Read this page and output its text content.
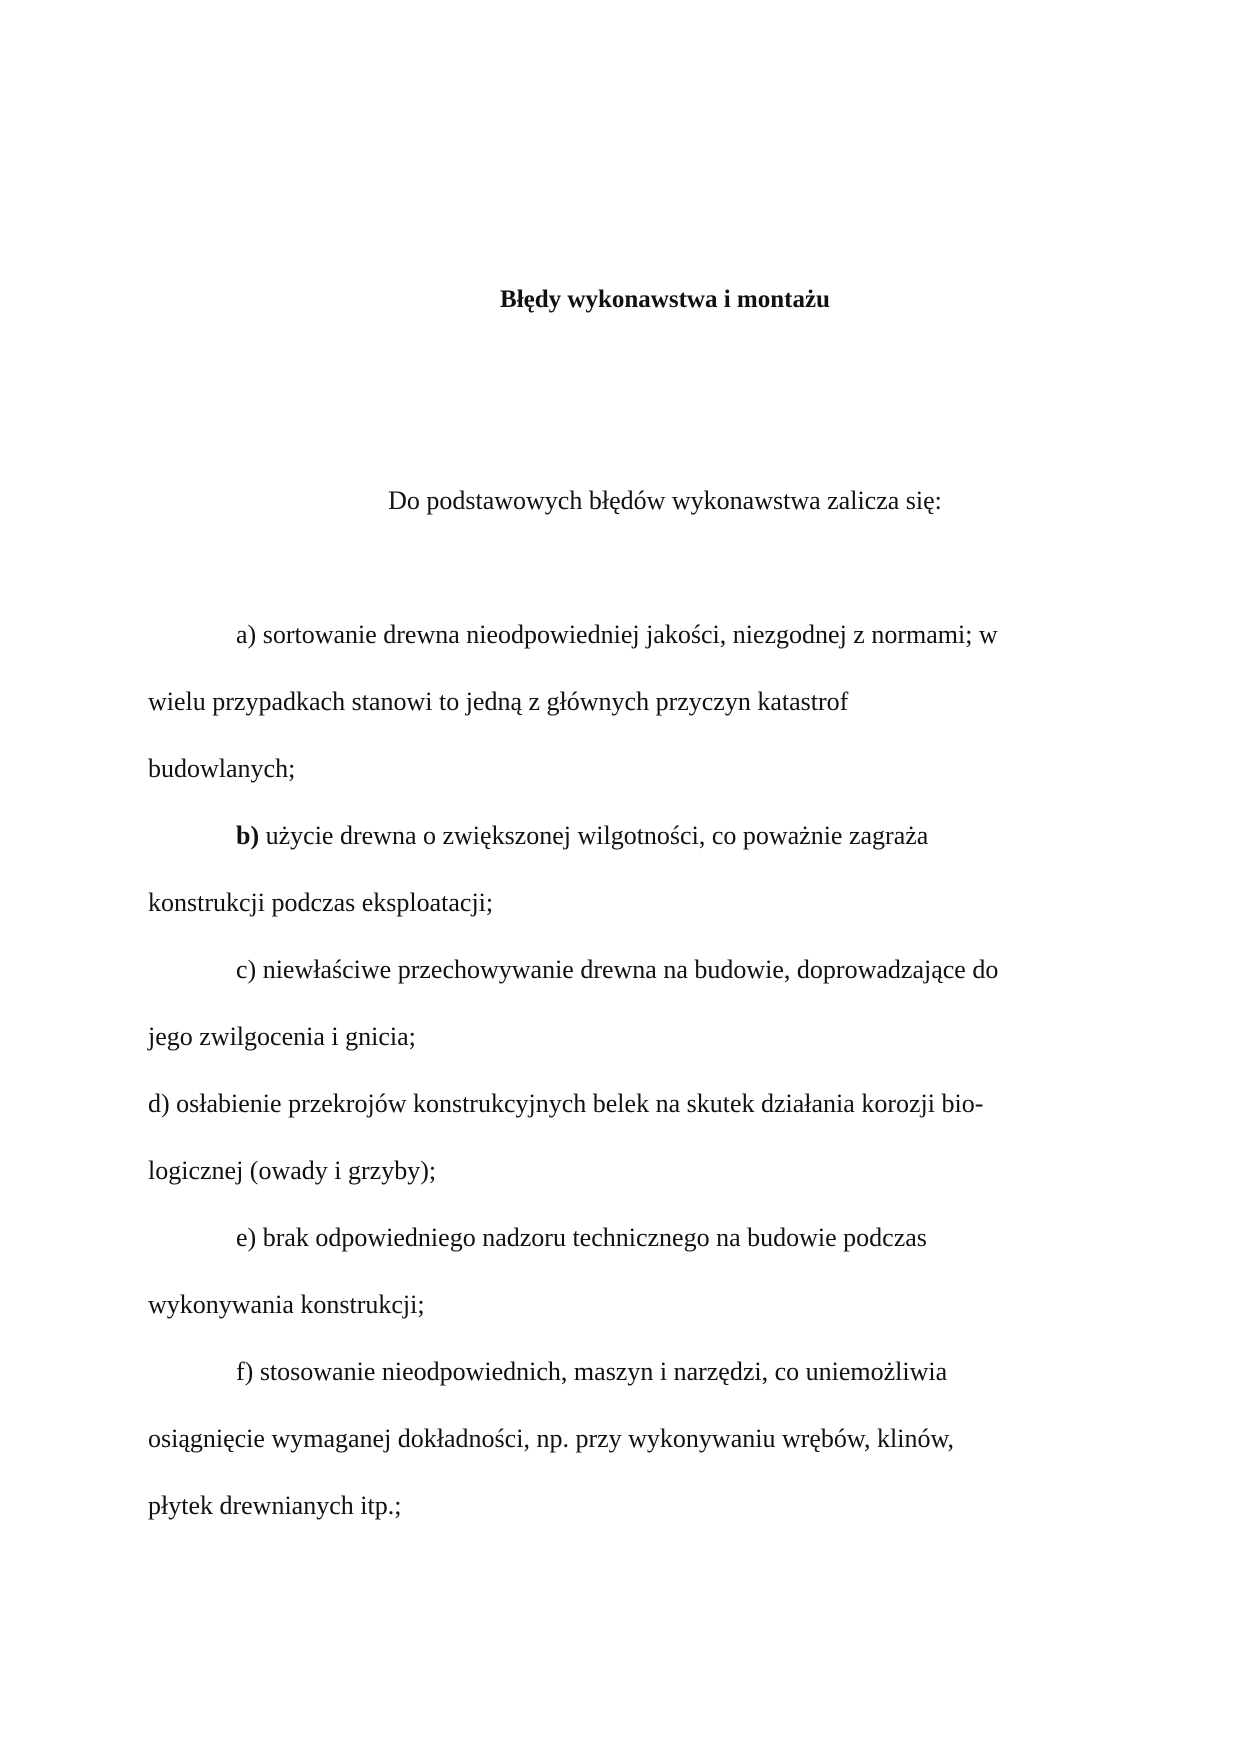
Błędy wykonawstwa i montażu
Do podstawowych błędów wykonawstwa zalicza się:
a) sortowanie drewna nieodpowiedniej jakości, niezgodnej z normami; w
wielu przypadkach stanowi to jedną z głównych przyczyn katastrof
budowlanych;
b) użycie drewna o zwiększonej wilgotności, co poważnie zagraża
konstrukcji podczas eksploatacji;
c) niewłaściwe przechowywanie drewna na budowie, doprowadzające do
jego zwilgocenia i gnicia;
d) osłabienie przekrojów konstrukcyjnych belek na skutek działania korozji bio-
logicznej (owady i grzyby);
e) brak odpowiedniego nadzoru technicznego na budowie podczas
wykonywania konstrukcji;
f) stosowanie nieodpowiednich, maszyn i narzędzi, co uniemożliwia
osiągnięcie wymaganej dokładności, np. przy wykonywaniu wrębów, klinów,
płytek drewnianych itp.;
